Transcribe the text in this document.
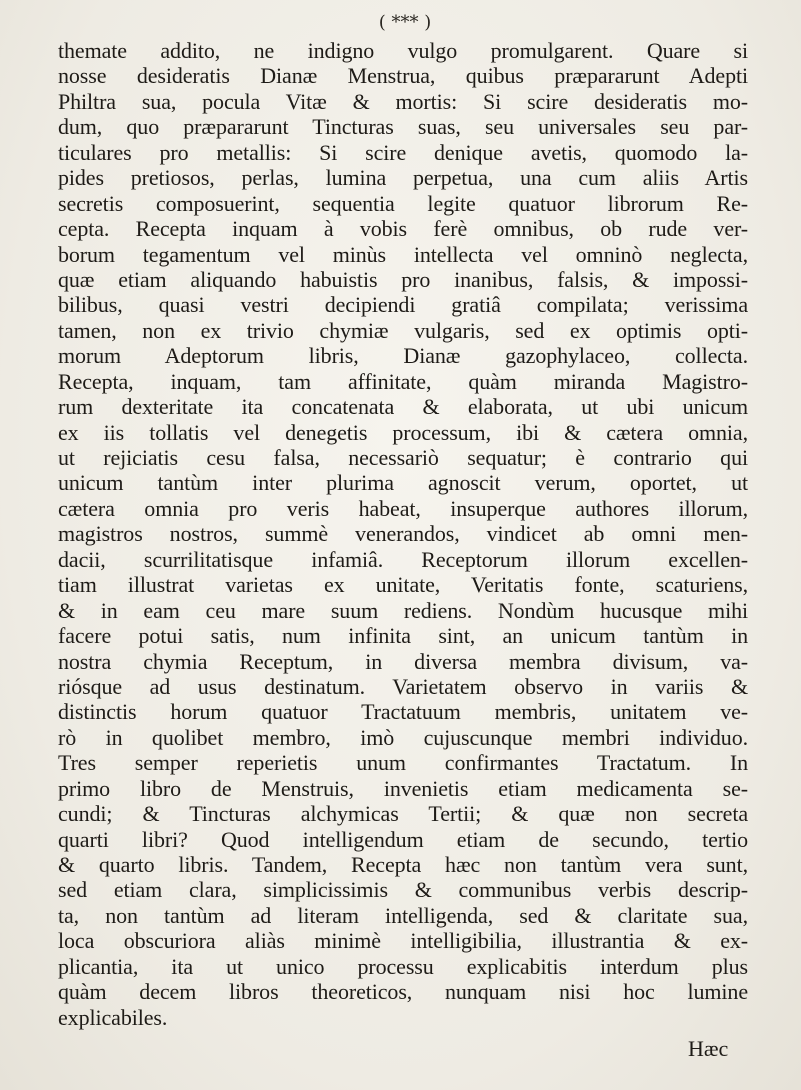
( *** )
themate addito, ne indigno vulgo promulgarent. Quare si
nosse desideratis Dianæ Menstrua, quibus præpararunt Adepti
Philtra sua, pocula Vitæ & mortis: Si scire desideratis mo-
dum, quo præpararunt Tincturas suas, seu universales seu par-
ticulares pro metallis: Si scire denique avetis, quomodo la-
pides pretiosos, perlas, lumina perpetua, una cum aliis Artis
secretis composuerint, sequentia legite quatuor librorum Re-
cepta. Recepta inquam à vobis ferè omnibus, ob rude ver-
borum tegamentum vel minùs intellecta vel omninò neglecta,
quæ etiam aliquando habuistis pro inanibus, falsis, & impossi-
bilibus, quasi vestri decipiendi gratiâ compilata; verissima
tamen, non ex trivio chymiæ vulgaris, sed ex optimis opti-
morum Adeptorum libris, Dianæ gazophylaceo, collecta.
Recepta, inquam, tam affinitate, quàm miranda Magistro-
rum dexteritate ita concatenata & elaborata, ut ubi unicum
ex iis tollatis vel denegetis processum, ibi & cætera omnia,
ut rejiciatis cesu falsa, necessariò sequatur; è contrario qui
unicum tantùm inter plurima agnoscit verum, oportet, ut
cætera omnia pro veris habeat, insuperque authores illorum,
magistros nostros, summè venerandos, vindicet ab omni men-
dacii, scurrilitatisque infamiâ. Receptorum illorum excellen-
tiam illustrat varietas ex unitate, Veritatis fonte, scaturiens,
& in eam ceu mare suum rediens. Nondùm hucusque mihi
facere potui satis, num infinita sint, an unicum tantùm in
nostra chymia Receptum, in diversa membra divisum, va-
riósque ad usus destinatum. Varietatem observo in variis &
distinctis horum quatuor Tractatuum membris, unitatem ve-
rò in quolibet membro, imò cujuscunque membri individuo.
Tres semper reperietis unum confirmantes Tractatum. In
primo libro de Menstruis, invenietis etiam medicamenta se-
cundi; & Tincturas alchymicas Tertii; & quæ non secreta
quarti libri? Quod intelligendum etiam de secundo, tertio
& quarto libris. Tandem, Recepta hæc non tantùm vera sunt,
sed etiam clara, simplicissimis & communibus verbis descrip-
ta, non tantùm ad literam intelligenda, sed & claritate sua,
loca obscuriora aliàs minimè intelligibilia, illustrantia & ex-
plicantia, ita ut unico processu explicabitis interdum plus
quàm decem libros theoreticos, nunquam nisi hoc lumine
explicabiles.
Hæc
